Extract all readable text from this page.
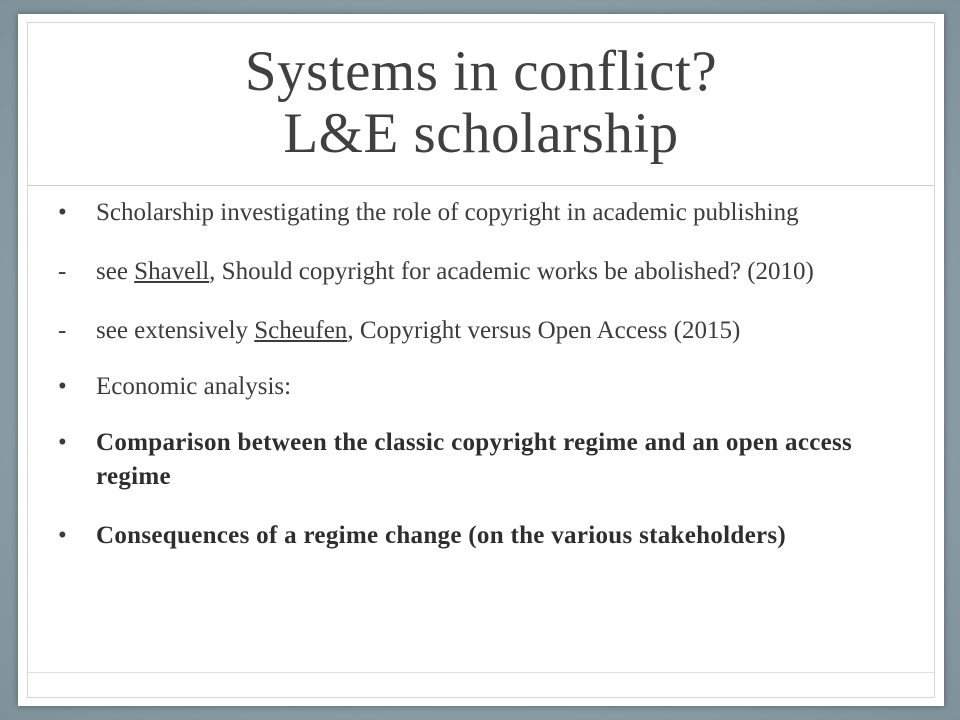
Systems in conflict?
L&E scholarship
•	Scholarship investigating the role of copyright in academic publishing
-	see Shavell, Should copyright for academic works be abolished? (2010)
-	see extensively Scheufen, Copyright versus Open Access (2015)
•	Economic analysis:
•	Comparison between the classic copyright regime and an open access regime
•	Consequences of a regime change (on the various stakeholders)
